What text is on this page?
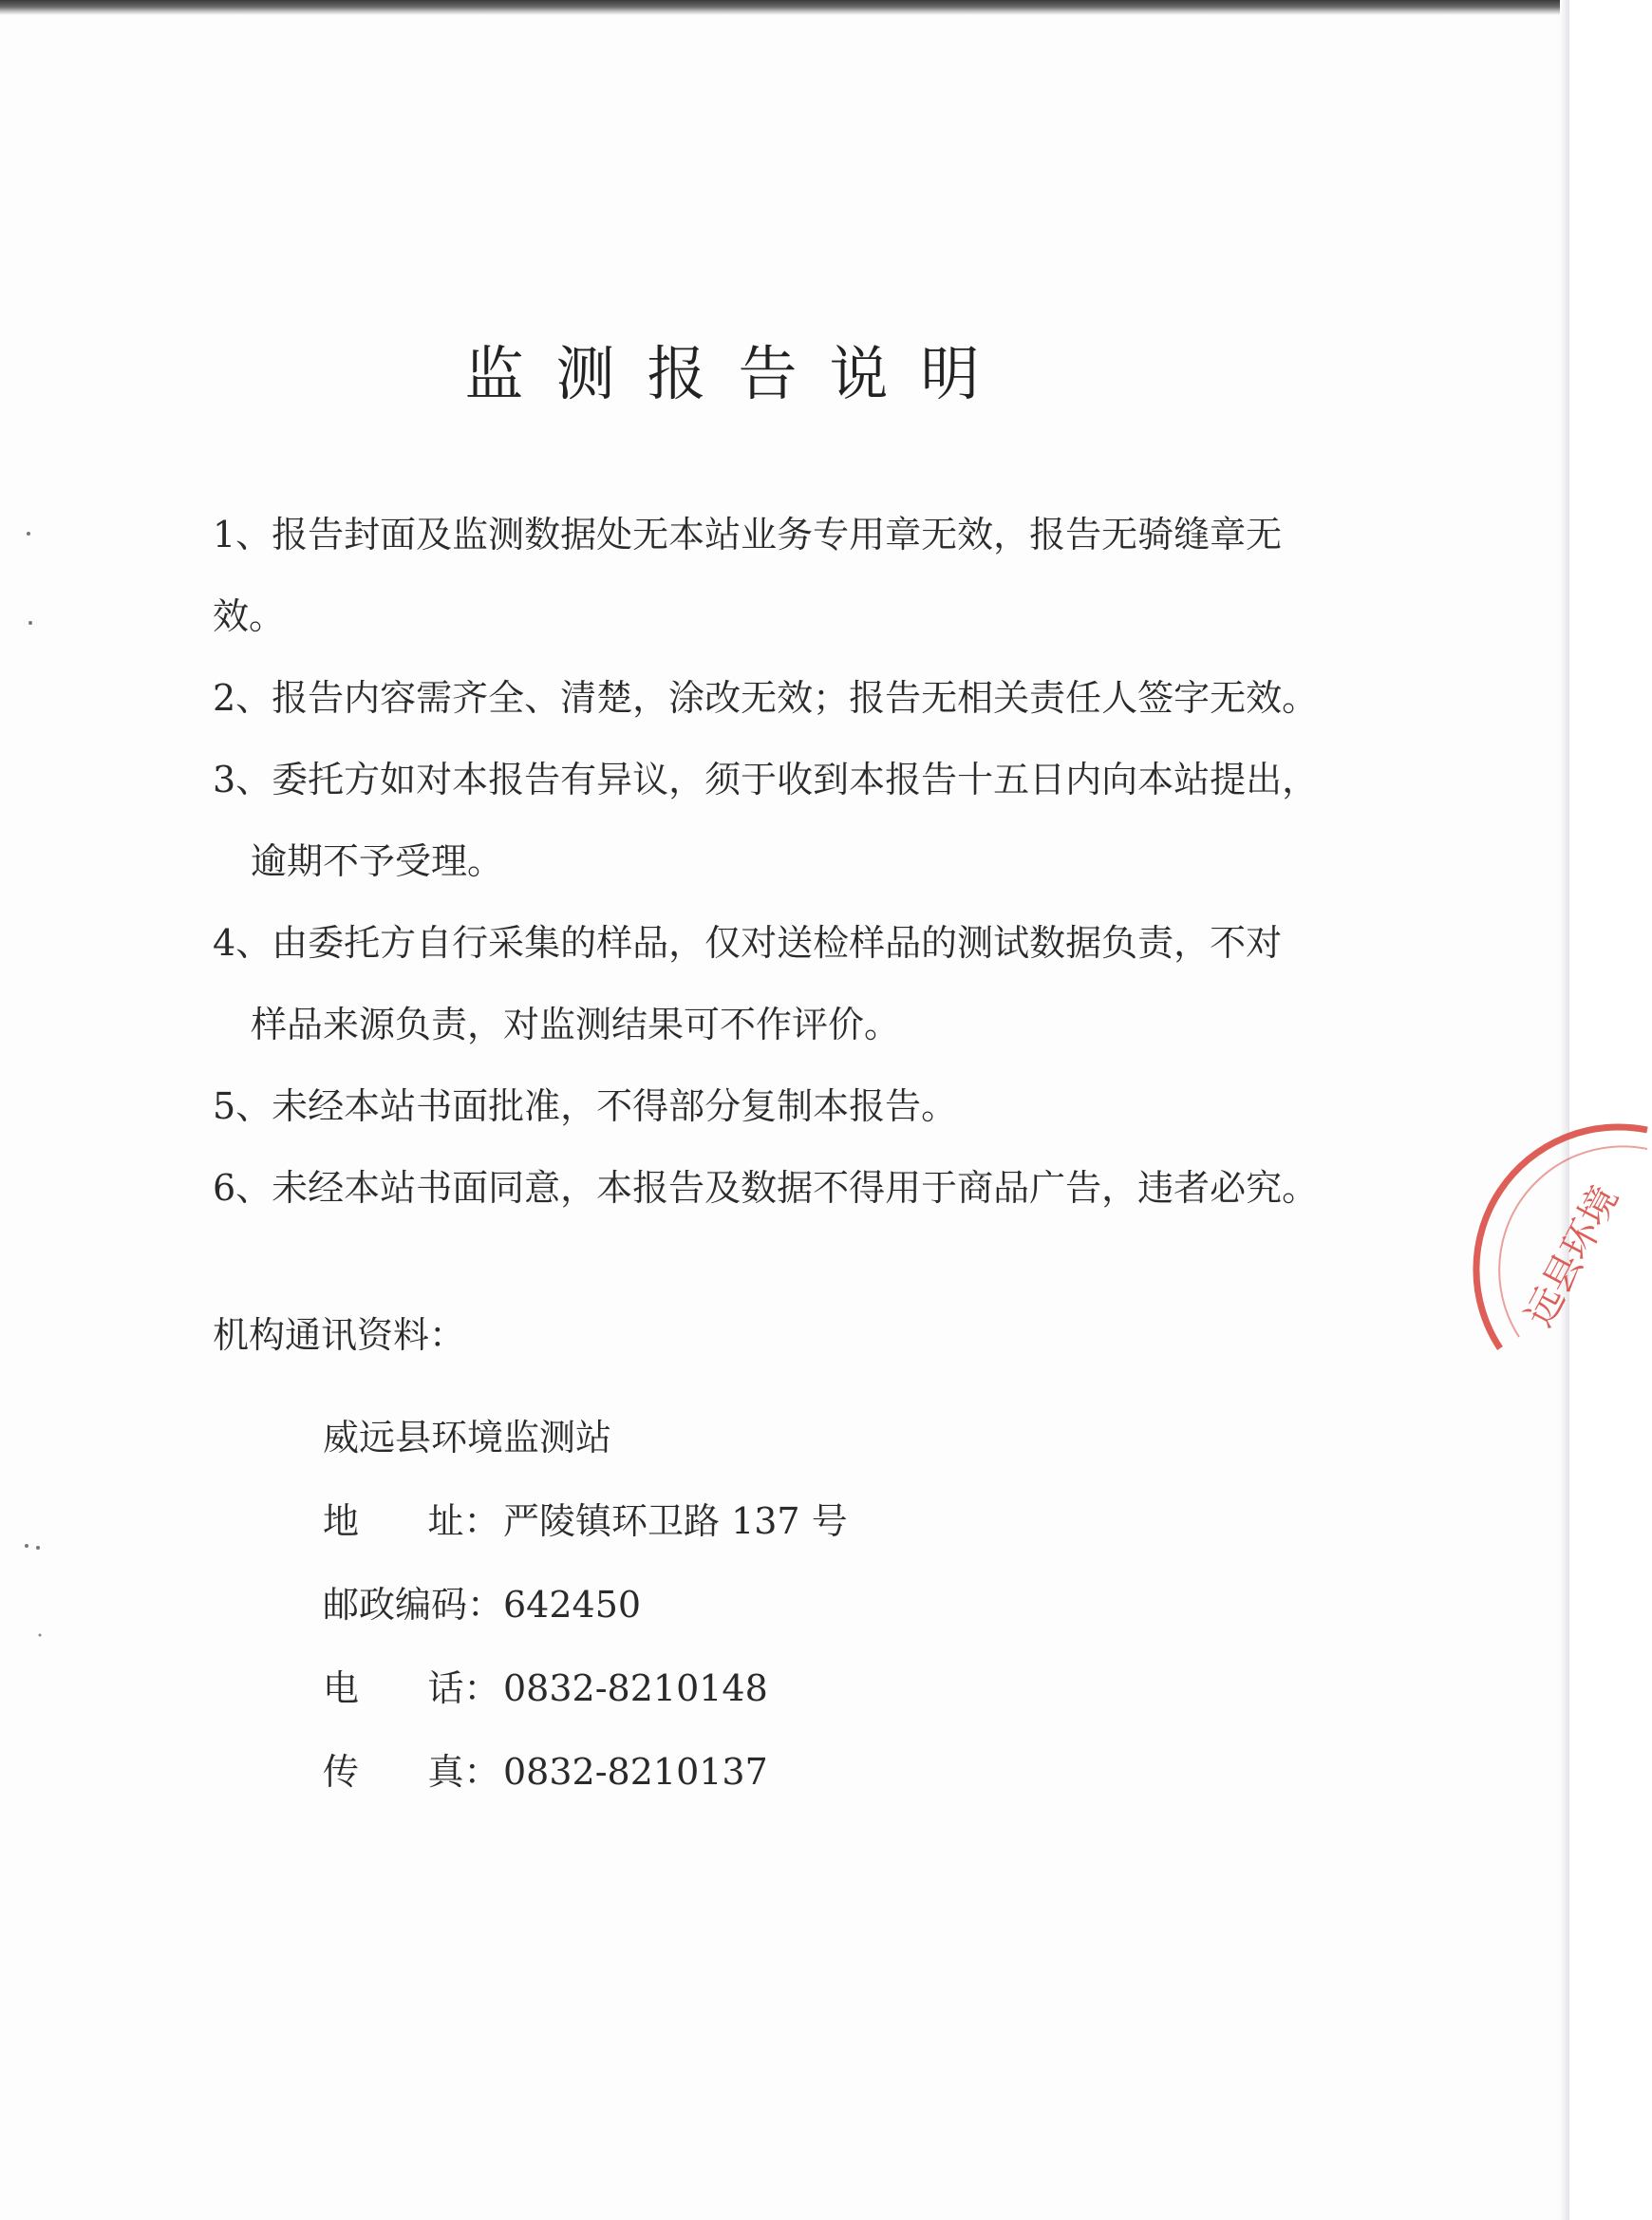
监测报告说明
1、报告封面及监测数据处无本站业务专用章无效，报告无骑缝章无
效。
2、报告内容需齐全、清楚，涂改无效；报告无相关责任人签字无效。
3、委托方如对本报告有异议，须于收到本报告十五日内向本站提出，
逾期不予受理。
4、由委托方自行采集的样品，仅对送检样品的测试数据负责，不对
样品来源负责，对监测结果可不作评价。
5、未经本站书面批准，不得部分复制本报告。
6、未经本站书面同意，本报告及数据不得用于商品广告，违者必究。
机构通讯资料：
威远县环境监测站
地      址：严陵镇环卫路 137 号
邮政编码：642450
电      话：0832-8210148
传      真：0832-8210137
远县环境
